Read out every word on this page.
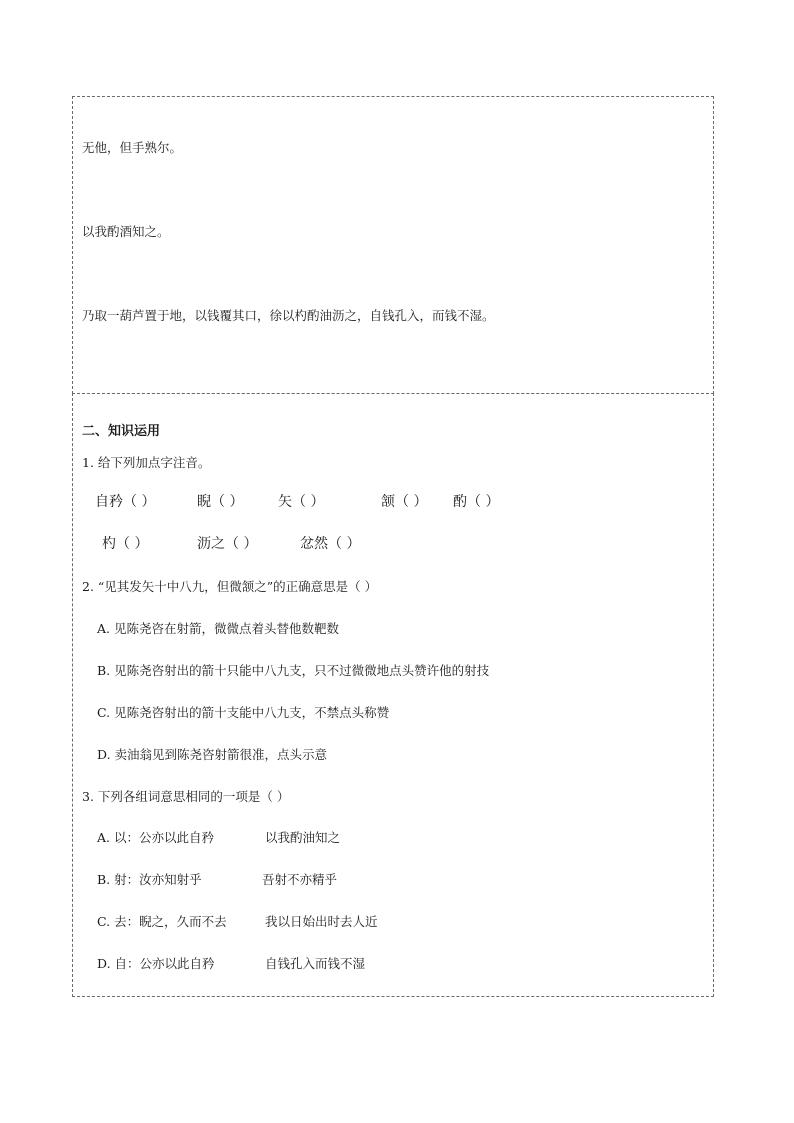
无他，但手熟尔。
以我酌酒知之。
乃取一葫芦置于地，以钱覆其口，徐以杓酌油沥之，自钱孔入，而钱不湿。
二、知识运用
1. 给下列加点字注音。
自矜（ ）	睨（ ） 矢（ ）	颔（ ） 酌（ ）
杓（ ）	沥之（ ）	忿然（ ）
2. “见其发矢十中八九，但微颔之”的正确意思是（ ）
A. 见陈尧咨在射箭，微微点着头替他数靶数
B. 见陈尧咨射出的箭十只能中八九支，只不过微微地点头赞许他的射技
C. 见陈尧咨射出的箭十支能中八九支，不禁点头称赞
D. 卖油翁见到陈尧咨射箭很准，点头示意
3. 下列各组词意思相同的一项是（ ）
A. 以：公亦以此自矜	以我酌油知之
B. 射：汝亦知射乎	吾射不亦精乎
C. 去：睨之，久而不去	我以日始出时去人近
D. 自：公亦以此自矜	自钱孔入而钱不湿
